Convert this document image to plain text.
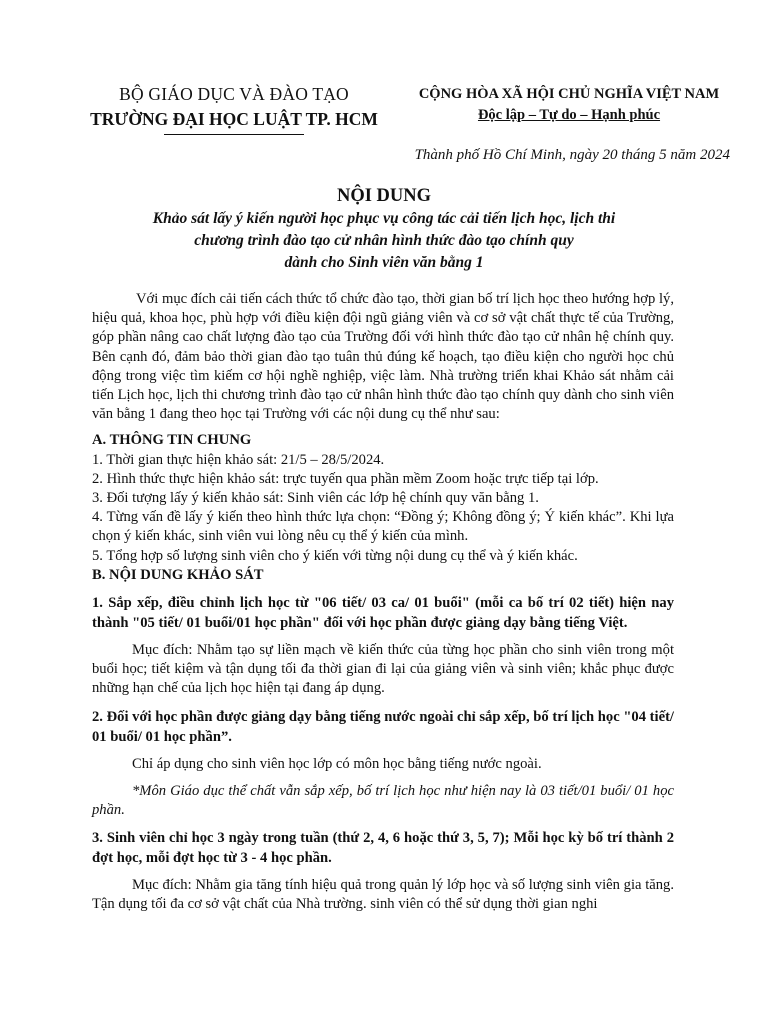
BỘ GIÁO DỤC VÀ ĐÀO TẠO
TRƯỜNG ĐẠI HỌC LUẬT TP. HCM
CỘNG HÒA XÃ HỘI CHỦ NGHĨA VIỆT NAM
Độc lập – Tự do – Hạnh phúc
Thành phố Hồ Chí Minh, ngày 20 tháng 5 năm 2024
NỘI DUNG
Khảo sát lấy ý kiến người học phục vụ công tác cải tiến lịch học, lịch thi
chương trình đào tạo cử nhân hình thức đào tạo chính quy
dành cho Sinh viên văn bằng 1

Với mục đích cải tiến cách thức tổ chức đào tạo, thời gian bố trí lịch học theo hướng hợp lý, hiệu quả, khoa học, phù hợp với điều kiện đội ngũ giảng viên và cơ sở vật chất thực tế của Trường, góp phần nâng cao chất lượng đào tạo của Trường đối với hình thức đào tạo cử nhân hệ chính quy. Bên cạnh đó, đảm bảo thời gian đào tạo tuân thủ đúng kế hoạch, tạo điều kiện cho người học chủ động trong việc tìm kiếm cơ hội nghề nghiệp, việc làm. Nhà trường triển khai Khảo sát nhằm cải tiến Lịch học, lịch thi chương trình đào tạo cử nhân hình thức đào tạo chính quy dành cho sinh viên văn bằng 1 đang theo học tại Trường với các nội dung cụ thể như sau:

A. THÔNG TIN CHUNG

1. Thời gian thực hiện khảo sát: 21/5 – 28/5/2024.

2. Hình thức thực hiện khảo sát: trực tuyến qua phần mềm Zoom hoặc trực tiếp tại lớp.

3. Đối tượng lấy ý kiến khảo sát: Sinh viên các lớp hệ chính quy văn bằng 1.

4. Từng vấn đề lấy ý kiến theo hình thức lựa chọn: “Đồng ý; Không đồng ý; Ý kiến khác”. Khi lựa chọn ý kiến khác, sinh viên vui lòng nêu cụ thể ý kiến của mình.

5. Tổng hợp số lượng sinh viên cho ý kiến với từng nội dung cụ thể và ý kiến khác.

B. NỘI DUNG KHẢO SÁT

1. Sắp xếp, điều chỉnh lịch học từ "06 tiết/ 03 ca/ 01 buổi" (mỗi ca bố trí 02 tiết) hiện nay thành "05 tiết/ 01 buổi/01 học phần" đối với học phần được giảng dạy bằng tiếng Việt.

Mục đích: Nhằm tạo sự liền mạch về kiến thức của từng học phần cho sinh viên trong một buổi học; tiết kiệm và tận dụng tối đa thời gian đi lại của giảng viên và sinh viên; khắc phục được những hạn chế của lịch học hiện tại đang áp dụng.

2. Đối với học phần được giảng dạy bằng tiếng nước ngoài chỉ sắp xếp, bố trí lịch học "04 tiết/ 01 buổi/ 01 học phần”.

Chỉ áp dụng cho sinh viên học lớp có môn học bằng tiếng nước ngoài.

*Môn Giáo dục thể chất vẫn sắp xếp, bố trí lịch học như hiện nay là 03 tiết/01 buổi/ 01 học phần.

3. Sinh viên chỉ học 3 ngày trong tuần (thứ 2, 4, 6 hoặc thứ 3, 5, 7); Mỗi học kỳ bố trí thành 2 đợt học, mỗi đợt học từ 3 - 4 học phần.

Mục đích: Nhằm gia tăng tính hiệu quả trong quản lý lớp học và số lượng sinh viên gia tăng. Tận dụng tối đa cơ sở vật chất của Nhà trường. sinh viên có thể sử dụng thời gian nghi
